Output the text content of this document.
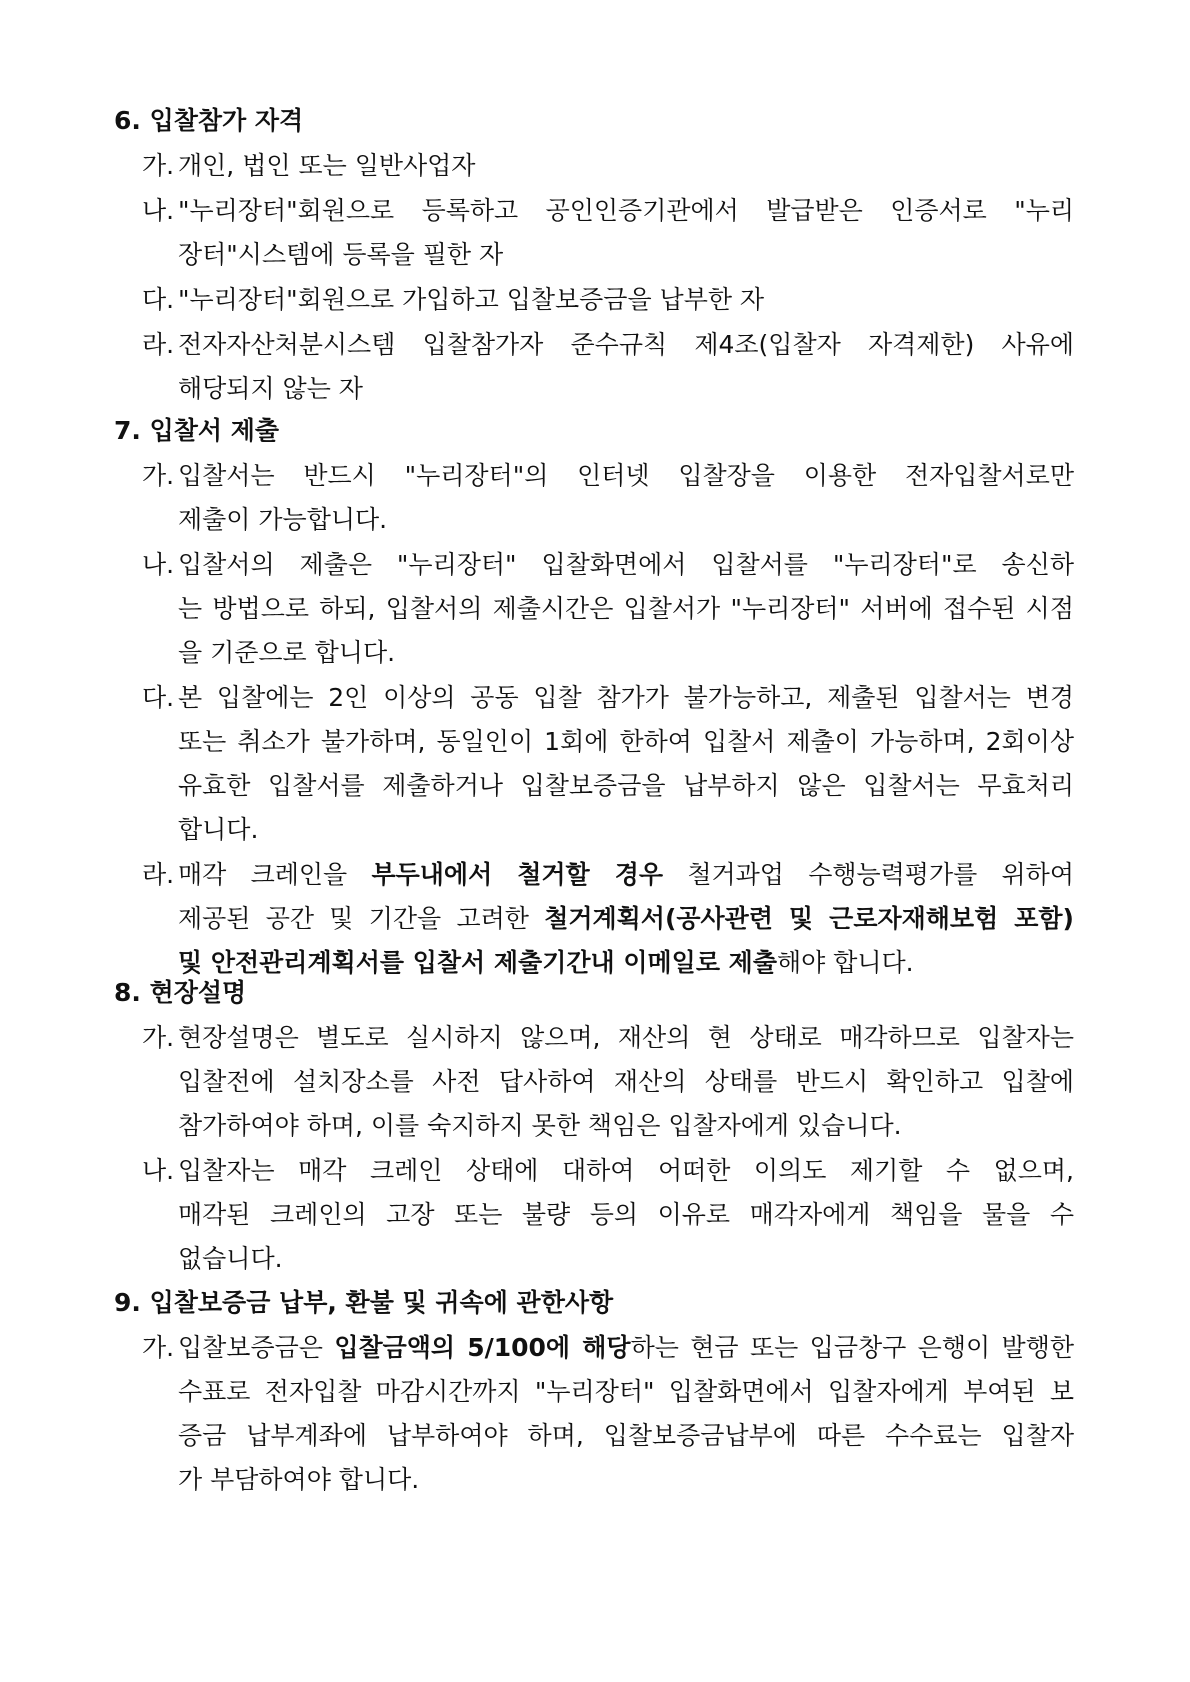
6. 입찰참가 자격

가. 개인, 법인 또는 일반사업자
나. "누리장터"회원으로 등록하고 공인인증기관에서 발급받은 인증서로 "누리
장터"시스템에 등록을 필한 자
다. "누리장터"회원으로 가입하고 입찰보증금을 납부한 자
라. 전자자산처분시스템 입찰참가자 준수규칙 제4조(입찰자 자격제한) 사유에
해당되지 않는 자

7. 입찰서 제출

가. 입찰서는 반드시 "누리장터"의 인터넷 입찰장을 이용한 전자입찰서로만
제출이 가능합니다.
나. 입찰서의 제출은 "누리장터" 입찰화면에서 입찰서를 "누리장터"로 송신하
는 방법으로 하되, 입찰서의 제출시간은 입찰서가 "누리장터" 서버에 접수된 시점
을 기준으로 합니다.
다. 본 입찰에는 2인 이상의 공동 입찰 참가가 불가능하고, 제출된 입찰서는 변경
또는 취소가 불가하며, 동일인이 1회에 한하여 입찰서 제출이 가능하며, 2회이상
유효한 입찰서를 제출하거나 입찰보증금을 납부하지 않은 입찰서는 무효처리
합니다.
라. 매각 크레인을 부두내에서 철거할 경우 철거과업 수행능력평가를 위하여
제공된 공간 및 기간을 고려한 철거계획서(공사관련 및 근로자재해보험 포함)
및 안전관리계획서를 입찰서 제출기간내 이메일로 제출해야 합니다.

8. 현장설명

가. 현장설명은 별도로 실시하지 않으며, 재산의 현 상태로 매각하므로 입찰자는
입찰전에 설치장소를 사전 답사하여 재산의 상태를 반드시 확인하고 입찰에
참가하여야 하며, 이를 숙지하지 못한 책임은 입찰자에게 있습니다.
나. 입찰자는 매각 크레인 상태에 대하여 어떠한 이의도 제기할 수 없으며,
매각된 크레인의 고장 또는 불량 등의 이유로 매각자에게 책임을 물을 수
없습니다.

9. 입찰보증금 납부, 환불 및 귀속에 관한사항

가. 입찰보증금은 입찰금액의 5/100에 해당하는 현금 또는 입금창구 은행이 발행한
수표로 전자입찰 마감시간까지 "누리장터" 입찰화면에서 입찰자에게 부여된 보
증금 납부계좌에 납부하여야 하며, 입찰보증금납부에 따른 수수료는 입찰자
가 부담하여야 합니다.
